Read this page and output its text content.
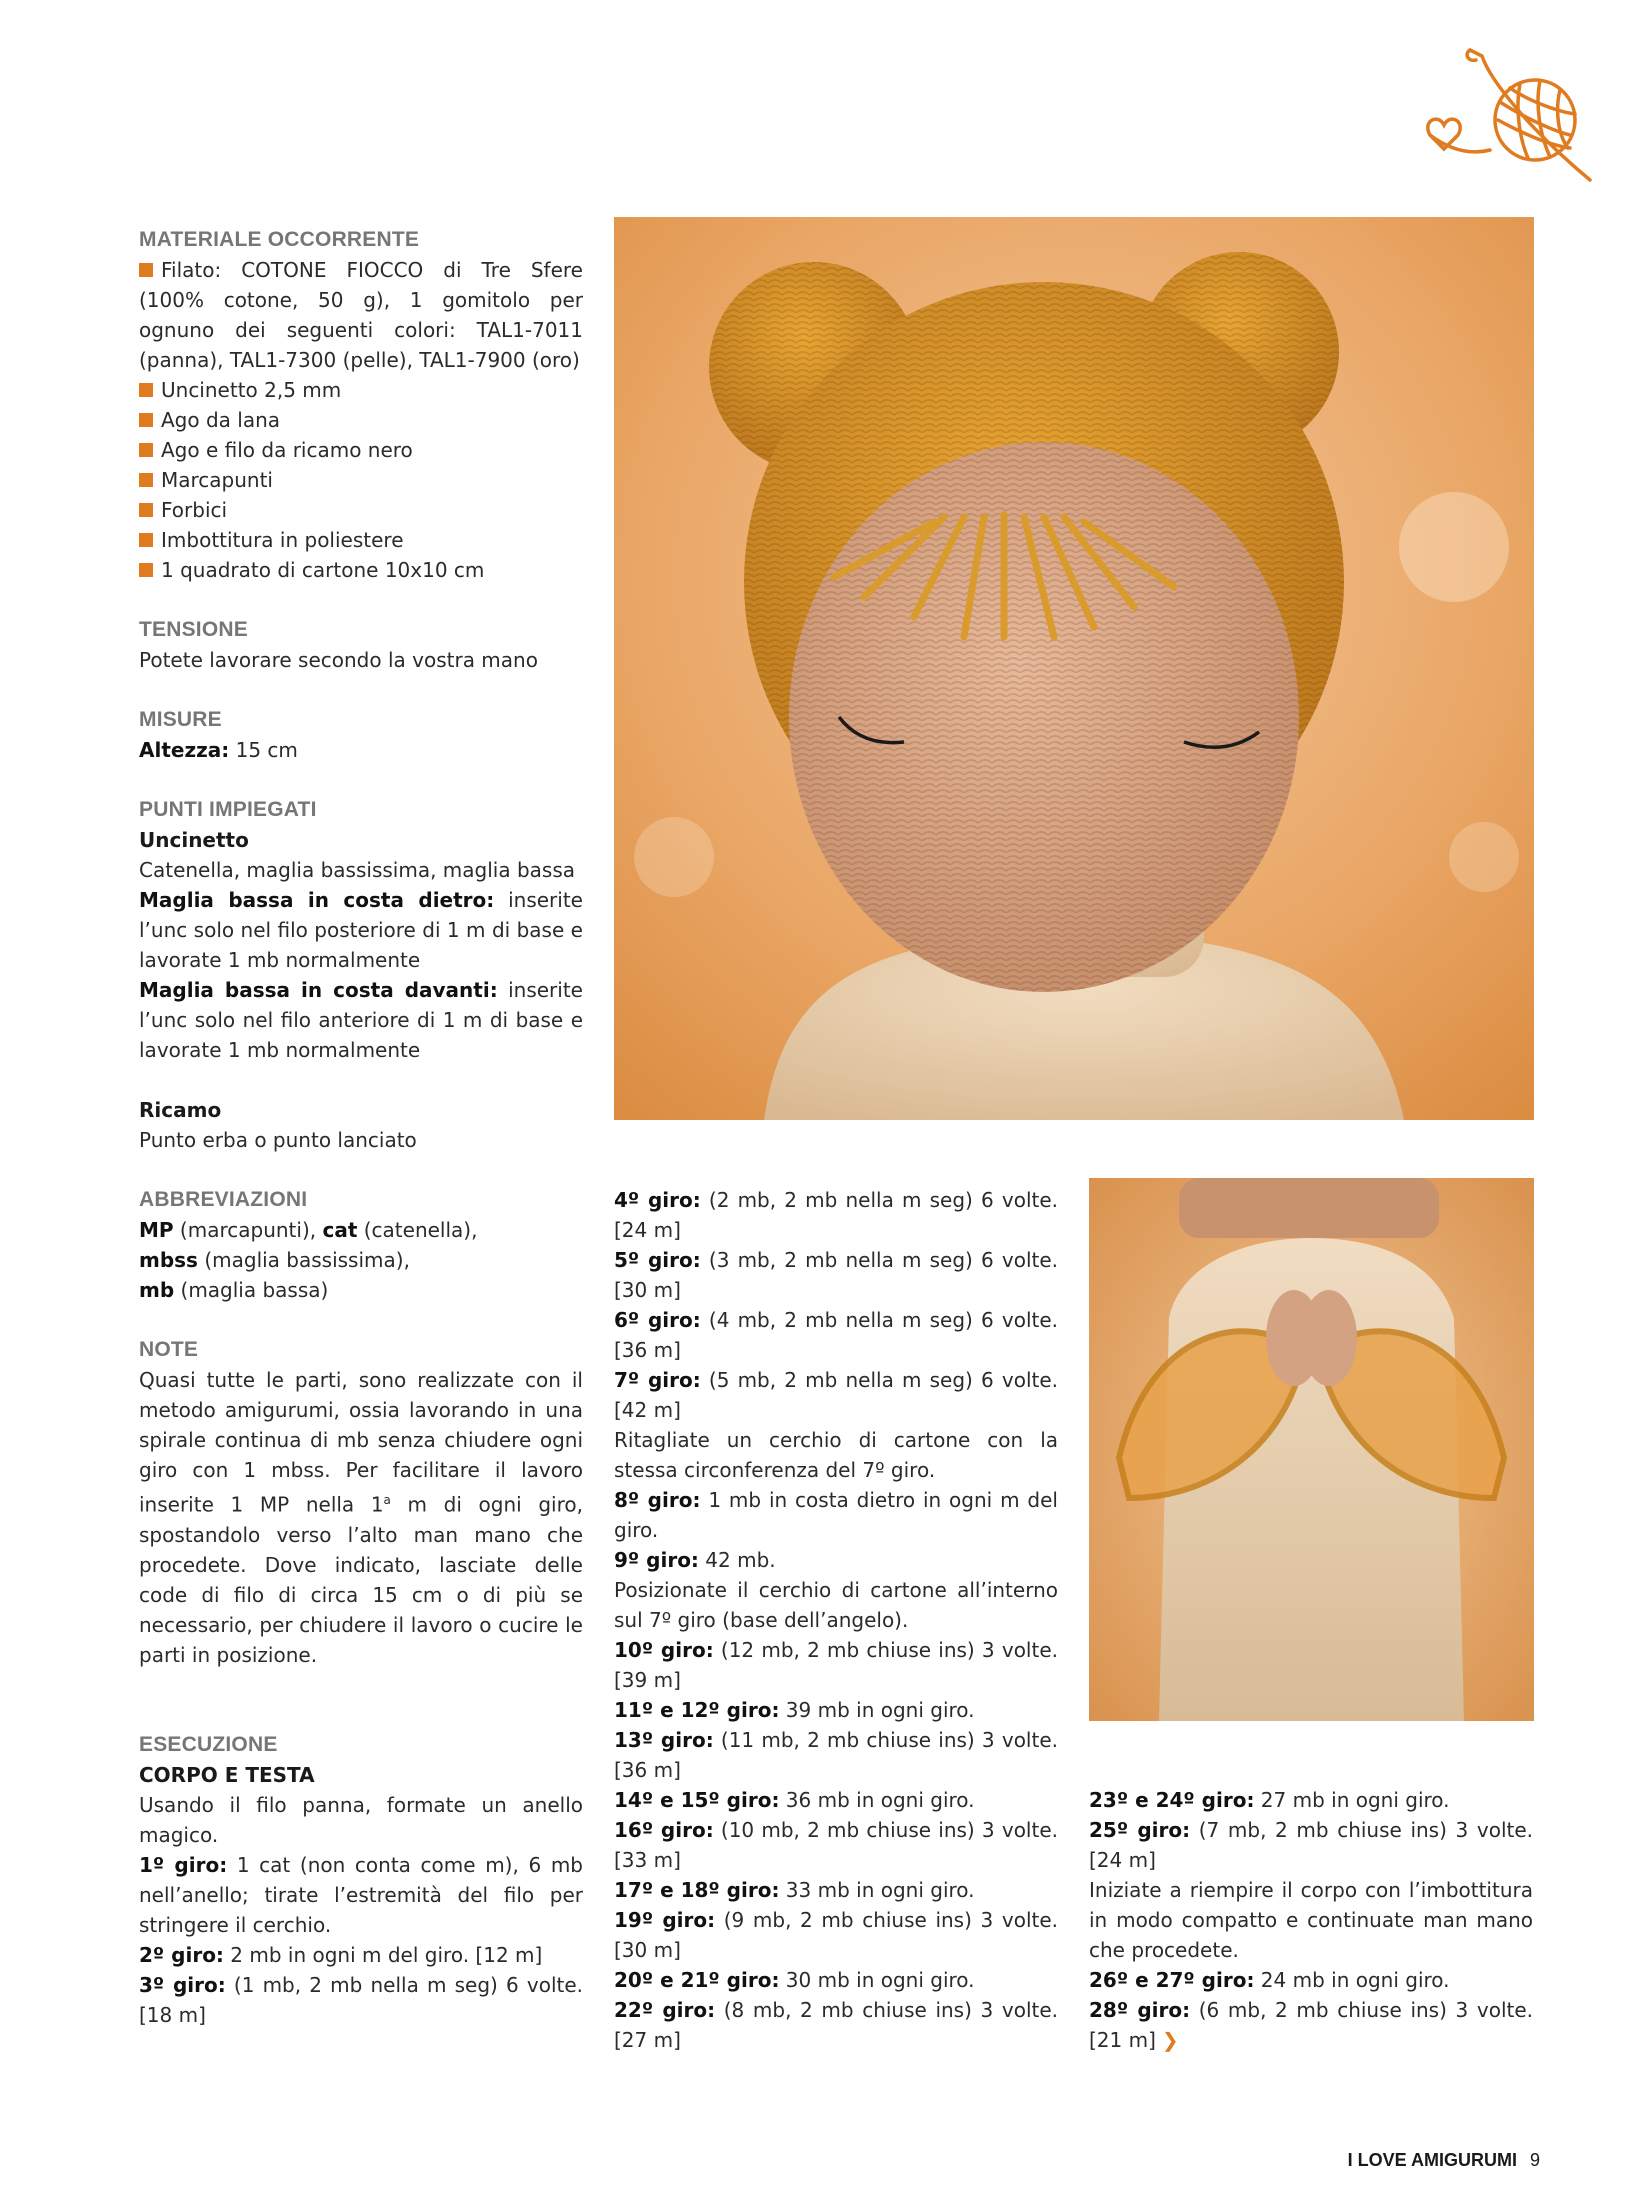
MATERIALE OCCORRENTE
Filato: COTONE FIOCCO di Tre Sfere (100% cotone, 50 g), 1 gomitolo per ognuno dei seguenti colori: TAL1-7011 (panna), TAL1-7300 (pelle), TAL1-7900 (oro)
Uncinetto 2,5 mm
Ago da lana
Ago e filo da ricamo nero
Marcapunti
Forbici
Imbottitura in poliestere
1 quadrato di cartone 10x10 cm
TENSIONE
Potete lavorare secondo la vostra mano
MISURE
Altezza: 15 cm
PUNTI IMPIEGATI
Uncinetto
Catenella, maglia bassissima, maglia bassa
Maglia bassa in costa dietro: inserite l’unc solo nel filo posteriore di 1 m di base e lavorate 1 mb normalmente
Maglia bassa in costa davanti: inserite l’unc solo nel filo anteriore di 1 m di base e lavorate 1 mb normalmente
Ricamo
Punto erba o punto lanciato
ABBREVIAZIONI
MP (marcapunti), cat (catenella),
mbss (maglia bassissima),
mb (maglia bassa)
NOTE
Quasi tutte le parti, sono realizzate con il metodo amigurumi, ossia lavorando in una spirale continua di mb senza chiudere ogni giro con 1 mbss. Per facilitare il lavoro inserite 1 MP nella 1$^a$ m di ogni giro, spostandolo verso l’alto man mano che procedete. Dove indicato, lasciate delle code di filo di circa 15 cm o di più se necessario, per chiudere il lavoro o cucire le parti in posizione.
ESECUZIONE
CORPO E TESTA
Usando il filo panna, formate un anello magico.
1º giro: 1 cat (non conta come m), 6 mb nell’anello; tirate l’estremità del filo per stringere il cerchio.
2º giro: 2 mb in ogni m del giro. [12 m]
3º giro: (1 mb, 2 mb nella m seg) 6 volte. [18 m]
4º giro: (2 mb, 2 mb nella m seg) 6 volte. [24 m]
5º giro: (3 mb, 2 mb nella m seg) 6 volte. [30 m]
6º giro: (4 mb, 2 mb nella m seg) 6 volte. [36 m]
7º giro: (5 mb, 2 mb nella m seg) 6 volte. [42 m]
Ritagliate un cerchio di cartone con la stessa circonferenza del 7º giro.
8º giro: 1 mb in costa dietro in ogni m del giro.
9º giro: 42 mb.
Posizionate il cerchio di cartone all’interno sul 7º giro (base dell’angelo).
10º giro: (12 mb, 2 mb chiuse ins) 3 volte. [39 m]
11º e 12º giro: 39 mb in ogni giro.
13º giro: (11 mb, 2 mb chiuse ins) 3 volte. [36 m]
14º e 15º giro: 36 mb in ogni giro.
16º giro: (10 mb, 2 mb chiuse ins) 3 volte. [33 m]
17º e 18º giro: 33 mb in ogni giro.
19º giro: (9 mb, 2 mb chiuse ins) 3 volte. [30 m]
20º e 21º giro: 30 mb in ogni giro.
22º giro: (8 mb, 2 mb chiuse ins) 3 volte. [27 m]
23º e 24º giro: 27 mb in ogni giro.
25º giro: (7 mb, 2 mb chiuse ins) 3 volte. [24 m]
Iniziate a riempire il corpo con l’imbottitura in modo compatto e continuate man mano che procedete.
26º e 27º giro: 24 mb in ogni giro.
28º giro: (6 mb, 2 mb chiuse ins) 3 volte. [21 m] ❯
I LOVE AMIGURUMI 9
